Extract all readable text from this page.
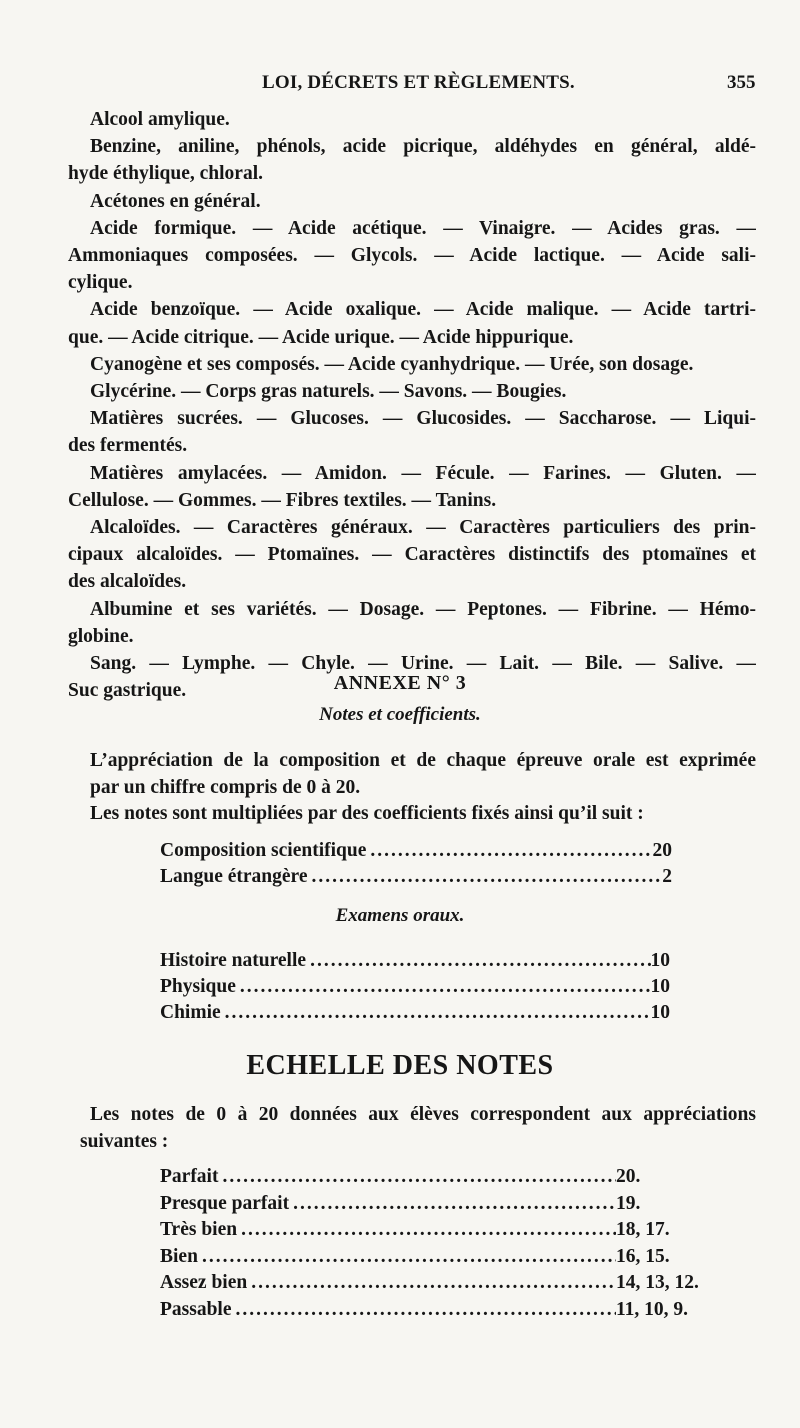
LOI, DÉCRETS ET RÈGLEMENTS.	355
Alcool amylique.
Benzine, aniline, phénols, acide picrique, aldéhydes en général, aldé-
hyde éthylique, chloral.
Acétones en général.
Acide formique. — Acide acétique. — Vinaigre. — Acides gras. —
Ammoniaques composées. — Glycols. — Acide lactique. — Acide sali-
cylique.
Acide benzoïque. — Acide oxalique. — Acide malique. — Acide tartri-
que. — Acide citrique. — Acide urique. — Acide hippurique.
Cyanogène et ses composés. — Acide cyanhydrique. — Urée, son dosage.
Glycérine. — Corps gras naturels. — Savons. — Bougies.
Matières sucrées. — Glucoses. — Glucosides. — Saccharose. — Liqui-
des fermentés.
Matières amylacées. — Amidon. — Fécule. — Farines. — Gluten. —
Cellulose. — Gommes. — Fibres textiles. — Tanins.
Alcaloïdes. — Caractères généraux. — Caractères particuliers des prin-
cipaux alcaloïdes. — Ptomaïnes. — Caractères distinctifs des ptomaïnes et
des alcaloïdes.
Albumine et ses variétés. — Dosage. — Peptones. — Fibrine. — Hémo-
globine.
Sang. — Lymphe. — Chyle. — Urine. — Lait. — Bile. — Salive. —
Suc gastrique.	ANNEXE N° 3
Notes et coefficients.
L’appréciation de la composition et de chaque épreuve orale est exprimée
par un chiffre compris de 0 à 20.
Les notes sont multipliées par des coefficients fixés ainsi qu’il suit :
Composition scientifique .....	20
Langue étrangère .....	2
Examens oraux.
Histoire naturelle .....	10
Physique .....	10
Chimie .....	10
ECHELLE DES NOTES
Les notes de 0 à 20 données aux élèves correspondent aux appréciations
suivantes :
Parfait .....	20.
Presque parfait .....	19.
Très bien .....	18, 17.
Bien .....	16, 15.
Assez bien .....	14, 13, 12.
Passable .....	11, 10, 9.
